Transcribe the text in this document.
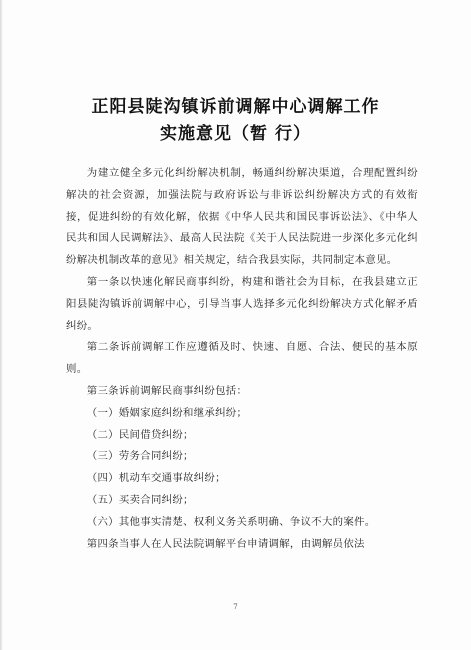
正阳县陡沟镇诉前调解中心调解工作
实施意见（暂 行）

为建立健全多元化纠纷解决机制，畅通纠纷解决渠道，合理配置纠纷解决的社会资源，加强法院与政府诉讼与非诉讼纠纷解决方式的有效衔接，促进纠纷的有效化解，依据《中华人民共和国民事诉讼法》、《中华人民共和国人民调解法》、最高人民法院《关于人民法院进一步深化多元化纠纷解决机制改革的意见》相关规定，结合我县实际，共同制定本意见。

第一条以快速化解民商事纠纷，构建和谐社会为目标，在我县建立正阳县陡沟镇诉前调解中心，引导当事人选择多元化纠纷解决方式化解矛盾纠纷。

第二条诉前调解工作应遵循及时、快速、自愿、合法、便民的基本原则。

第三条诉前调解民商事纠纷包括：

（一）婚姻家庭纠纷和继承纠纷；

（二）民间借贷纠纷；

（三）劳务合同纠纷；

（四）机动车交通事故纠纷；

（五）买卖合同纠纷；

（六）其他事实清楚、权利义务关系明确、争议不大的案件。

第四条当事人在人民法院调解平台申请调解，由调解员依法

7
